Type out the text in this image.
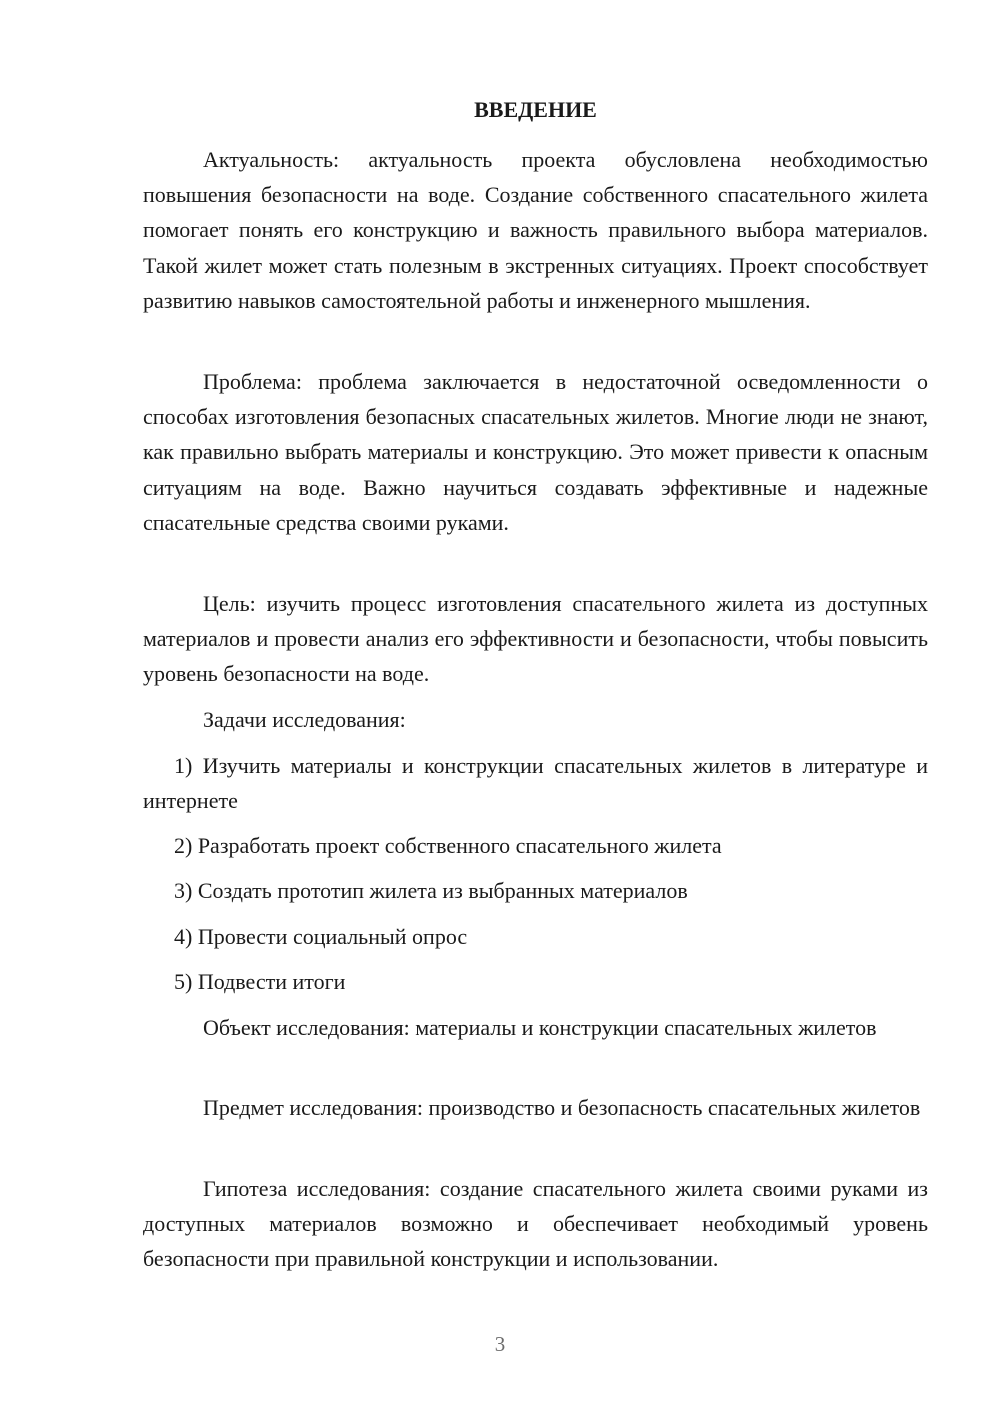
ВВЕДЕНИЕ

Актуальность: актуальность проекта обусловлена необходимостью повышения безопасности на воде. Создание собственного спасательного жилета помогает понять его конструкцию и важность правильного выбора материалов. Такой жилет может стать полезным в экстренных ситуациях. Проект способствует развитию навыков самостоятельной работы и инженерного мышления.

Проблема: проблема заключается в недостаточной осведомленности о способах изготовления безопасных спасательных жилетов. Многие люди не знают, как правильно выбрать материалы и конструкцию. Это может привести к опасным ситуациям на воде. Важно научиться создавать эффективные и надежные спасательные средства своими руками.

Цель: изучить процесс изготовления спасательного жилета из доступных материалов и провести анализ его эффективности и безопасности, чтобы повысить уровень безопасности на воде.

Задачи исследования:

1) Изучить материалы и конструкции спасательных жилетов в литературе и интернете

2) Разработать проект собственного спасательного жилета

3) Создать прототип жилета из выбранных материалов

4) Провести социальный опрос

5) Подвести итоги

Объект исследования: материалы и конструкции спасательных жилетов

Предмет исследования: производство и безопасность спасательных жилетов

Гипотеза исследования: создание спасательного жилета своими руками из доступных материалов возможно и обеспечивает необходимый уровень безопасности при правильной конструкции и использовании.

3
